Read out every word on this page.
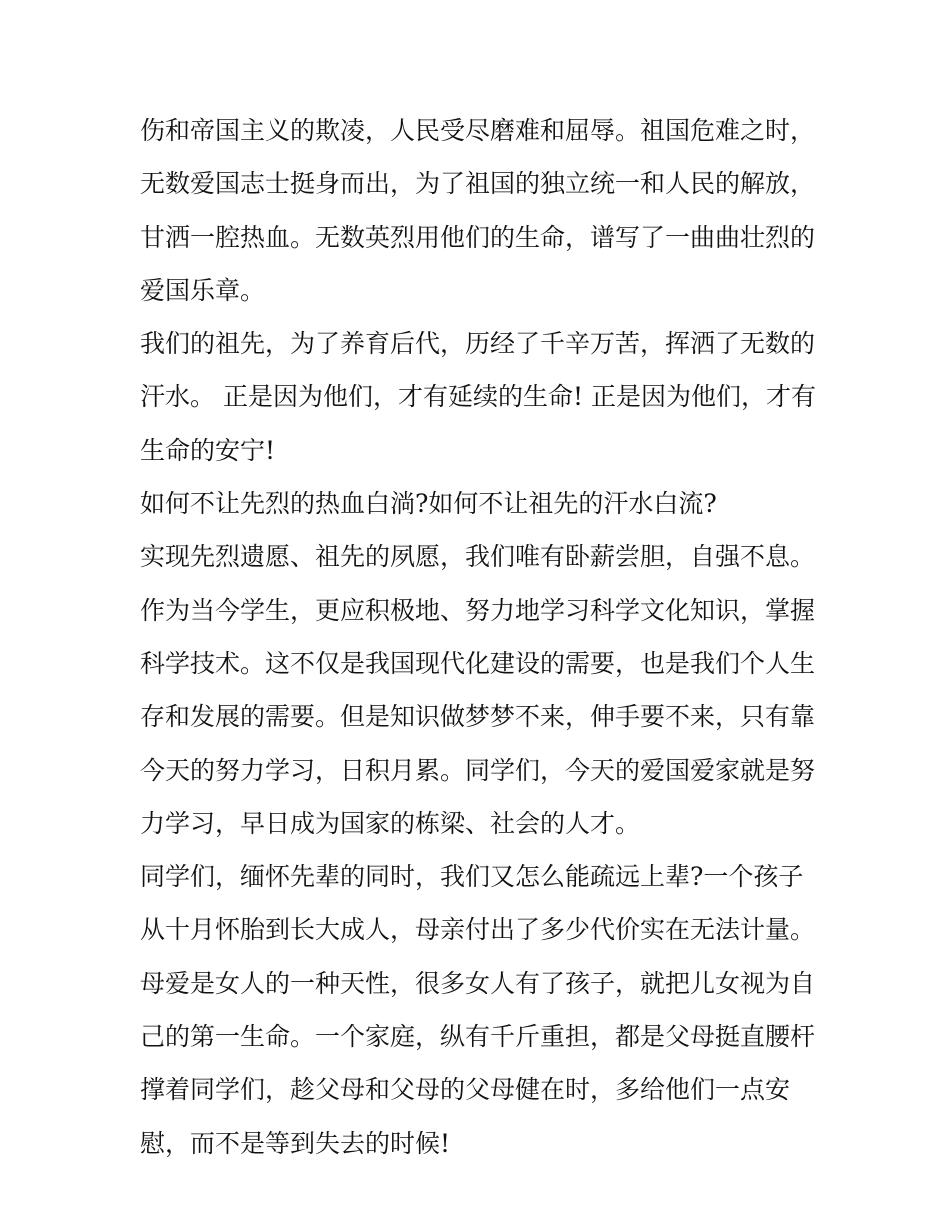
伤和帝国主义的欺凌，人民受尽磨难和屈辱。祖国危难之时，
无数爱国志士挺身而出，为了祖国的独立统一和人民的解放，
甘洒一腔热血。无数英烈用他们的生命，谱写了一曲曲壮烈的
爱国乐章。
我们的祖先，为了养育后代，历经了千辛万苦，挥洒了无数的
汗水。 正是因为他们，才有延续的生命! 正是因为他们，才有
生命的安宁!
如何不让先烈的热血白淌?如何不让祖先的汗水白流?
实现先烈遗愿、祖先的夙愿，我们唯有卧薪尝胆，自强不息。
作为当今学生，更应积极地、努力地学习科学文化知识，掌握
科学技术。这不仅是我国现代化建设的需要，也是我们个人生
存和发展的需要。但是知识做梦梦不来，伸手要不来，只有靠
今天的努力学习，日积月累。同学们，今天的爱国爱家就是努
力学习，早日成为国家的栋梁、社会的人才。
同学们，缅怀先辈的同时，我们又怎么能疏远上辈?一个孩子
从十月怀胎到长大成人，母亲付出了多少代价实在无法计量。
母爱是女人的一种天性，很多女人有了孩子，就把儿女视为自
己的第一生命。一个家庭，纵有千斤重担，都是父母挺直腰杆
撑着同学们，趁父母和父母的父母健在时，多给他们一点安
慰，而不是等到失去的时候!
